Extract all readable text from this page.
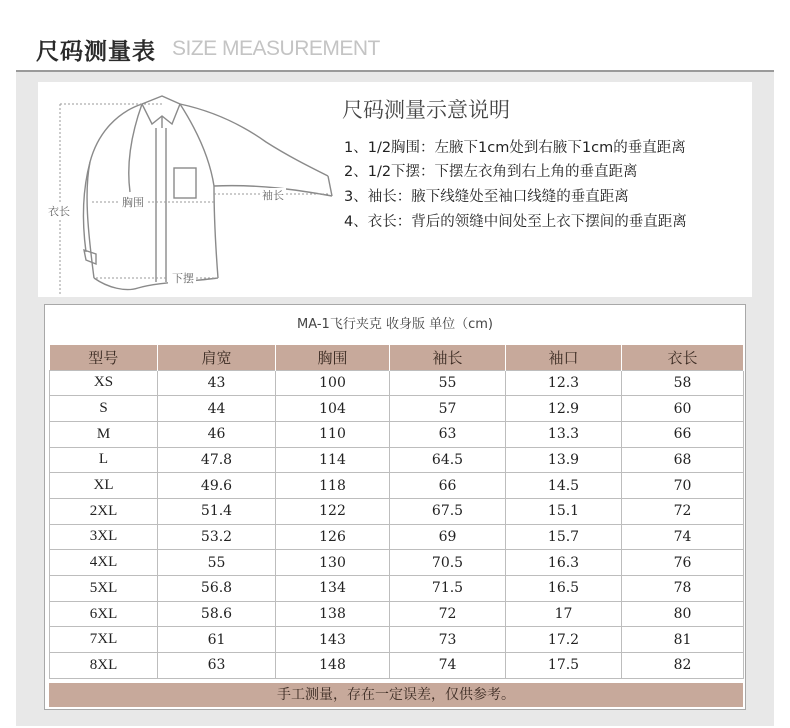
尺码测量表 SIZE MEASUREMENT
衣长
胸围
袖长
下摆
尺码测量示意说明
1、1/2胸围：左腋下1cm处到右腋下1cm的垂直距离
2、1/2下摆：下摆左衣角到右上角的垂直距离
3、袖长：腋下线缝处至袖口线缝的垂直距离
4、衣长：背后的领缝中间处至上衣下摆间的垂直距离
MA-1飞行夹克 收身版 单位（cm)
型号	肩宽	胸围	袖长	袖口	衣长
XS	43	100	55	12.3	58
S	44	104	57	12.9	60
M	46	110	63	13.3	66
L	47.8	114	64.5	13.9	68
XL	49.6	118	66	14.5	70
2XL	51.4	122	67.5	15.1	72
3XL	53.2	126	69	15.7	74
4XL	55	130	70.5	16.3	76
5XL	56.8	134	71.5	16.5	78
6XL	58.6	138	72	17	80
7XL	61	143	73	17.2	81
8XL	63	148	74	17.5	82
手工测量，存在一定误差，仅供参考。
